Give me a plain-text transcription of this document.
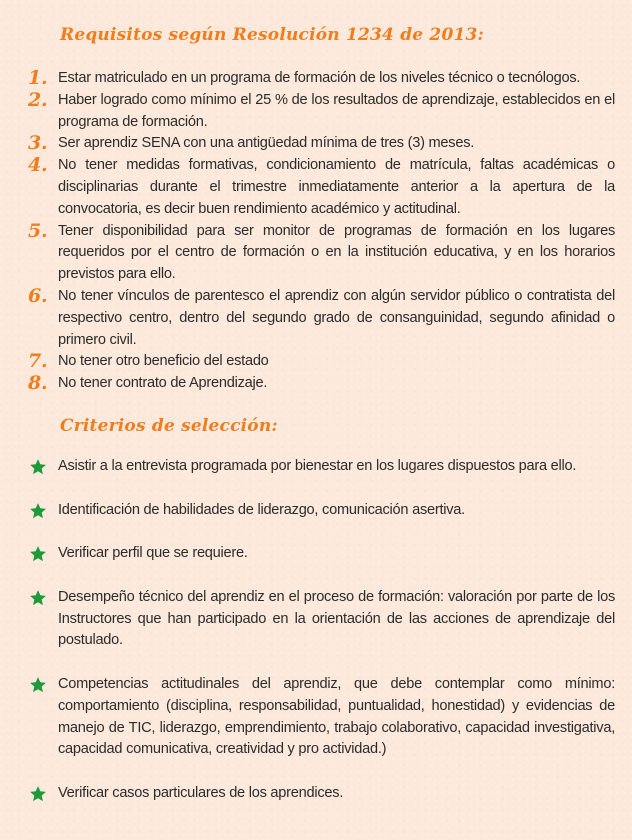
Requisitos según Resolución 1234 de 2013:
1. Estar matriculado en un programa de formación de los niveles técnico o tecnólogos.
2. Haber logrado como mínimo el 25 % de los resultados de aprendizaje, establecidos en el programa de formación.
3. Ser aprendiz SENA con una antigüedad mínima de tres (3) meses.
4. No tener medidas formativas, condicionamiento de matrícula, faltas académicas o disciplinarias durante el trimestre inmediatamente anterior a la apertura de la convocatoria, es decir buen rendimiento académico y actitudinal.
5. Tener disponibilidad para ser monitor de programas de formación en los lugares requeridos por el centro de formación o en la institución educativa, y en los horarios previstos para ello.
6. No tener vínculos de parentesco el aprendiz con algún servidor público o contratista del respectivo centro, dentro del segundo grado de consanguinidad, segundo afinidad o primero civil.
7. No tener otro beneficio del estado
8. No tener contrato de Aprendizaje.
Criterios de selección:
Asistir a la entrevista programada por bienestar en los lugares dispuestos para ello.
Identificación de habilidades de liderazgo, comunicación asertiva.
Verificar perfil que se requiere.
Desempeño técnico del aprendiz en el proceso de formación: valoración por parte de los Instructores que han participado en la orientación de las acciones de aprendizaje del postulado.
Competencias actitudinales del aprendiz, que debe contemplar como mínimo: comportamiento (disciplina, responsabilidad, puntualidad, honestidad) y evidencias de manejo de TIC, liderazgo, emprendimiento, trabajo colaborativo, capacidad investigativa, capacidad comunicativa, creatividad y pro actividad.)
Verificar casos particulares de los aprendices.
